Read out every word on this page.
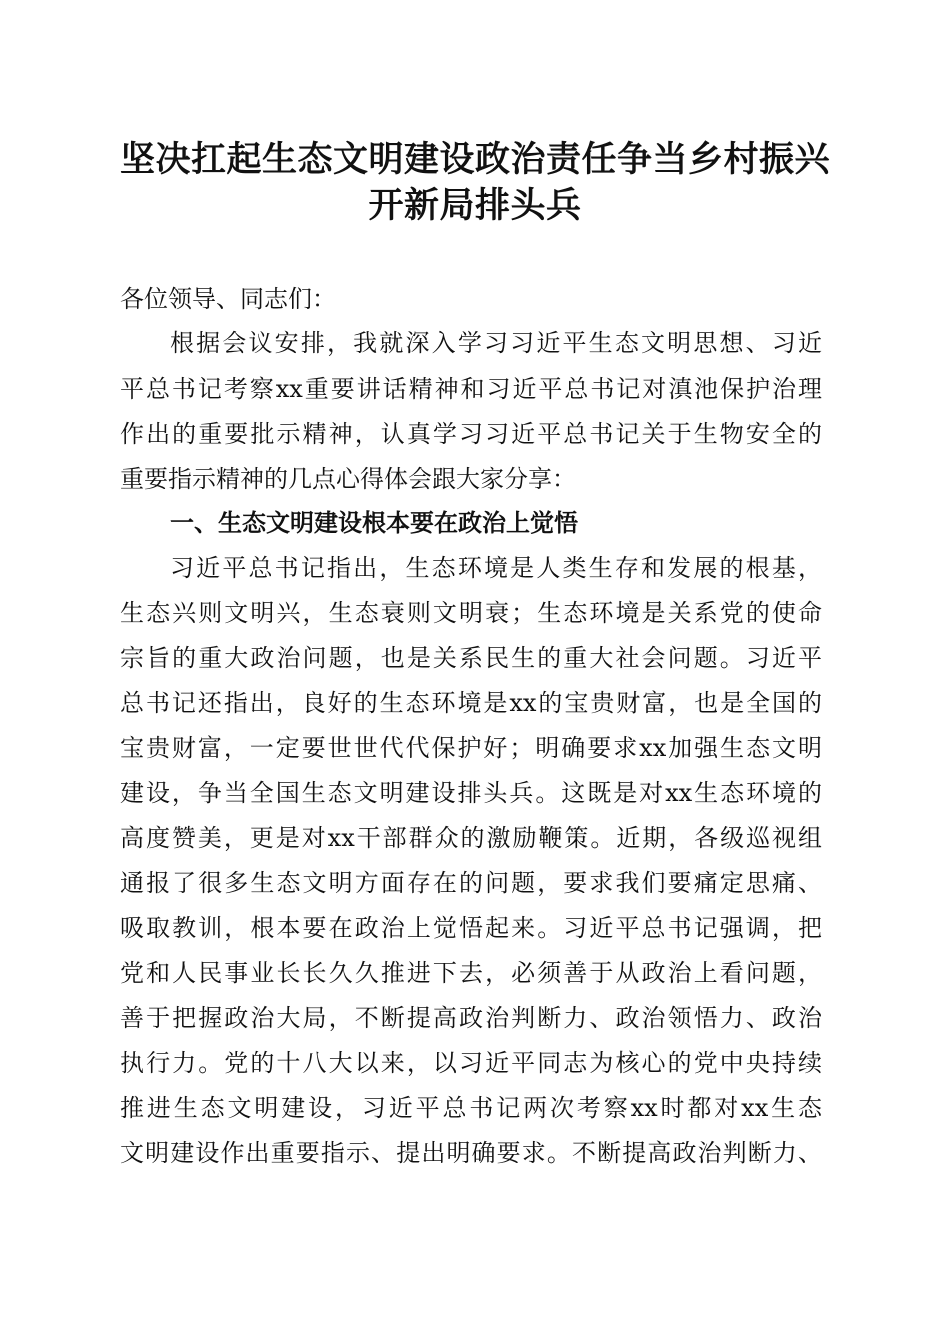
坚决扛起生态文明建设政治责任争当乡村振兴
开新局排头兵
各位领导、同志们：
根据会议安排，我就深入学习习近平生态文明思想、习近
平总书记考察xx重要讲话精神和习近平总书记对滇池保护治理
作出的重要批示精神，认真学习习近平总书记关于生物安全的
重要指示精神的几点心得体会跟大家分享：
一、生态文明建设根本要在政治上觉悟
习近平总书记指出，生态环境是人类生存和发展的根基，
生态兴则文明兴，生态衰则文明衰；生态环境是关系党的使命
宗旨的重大政治问题，也是关系民生的重大社会问题。习近平
总书记还指出，良好的生态环境是xx的宝贵财富，也是全国的
宝贵财富，一定要世世代代保护好；明确要求xx加强生态文明
建设，争当全国生态文明建设排头兵。这既是对xx生态环境的
高度赞美，更是对xx干部群众的激励鞭策。近期，各级巡视组
通报了很多生态文明方面存在的问题，要求我们要痛定思痛、
吸取教训，根本要在政治上觉悟起来。习近平总书记强调，把
党和人民事业长长久久推进下去，必须善于从政治上看问题，
善于把握政治大局，不断提高政治判断力、政治领悟力、政治
执行力。党的十八大以来，以习近平同志为核心的党中央持续
推进生态文明建设，习近平总书记两次考察xx时都对xx生态
文明建设作出重要指示、提出明确要求。不断提高政治判断力、
